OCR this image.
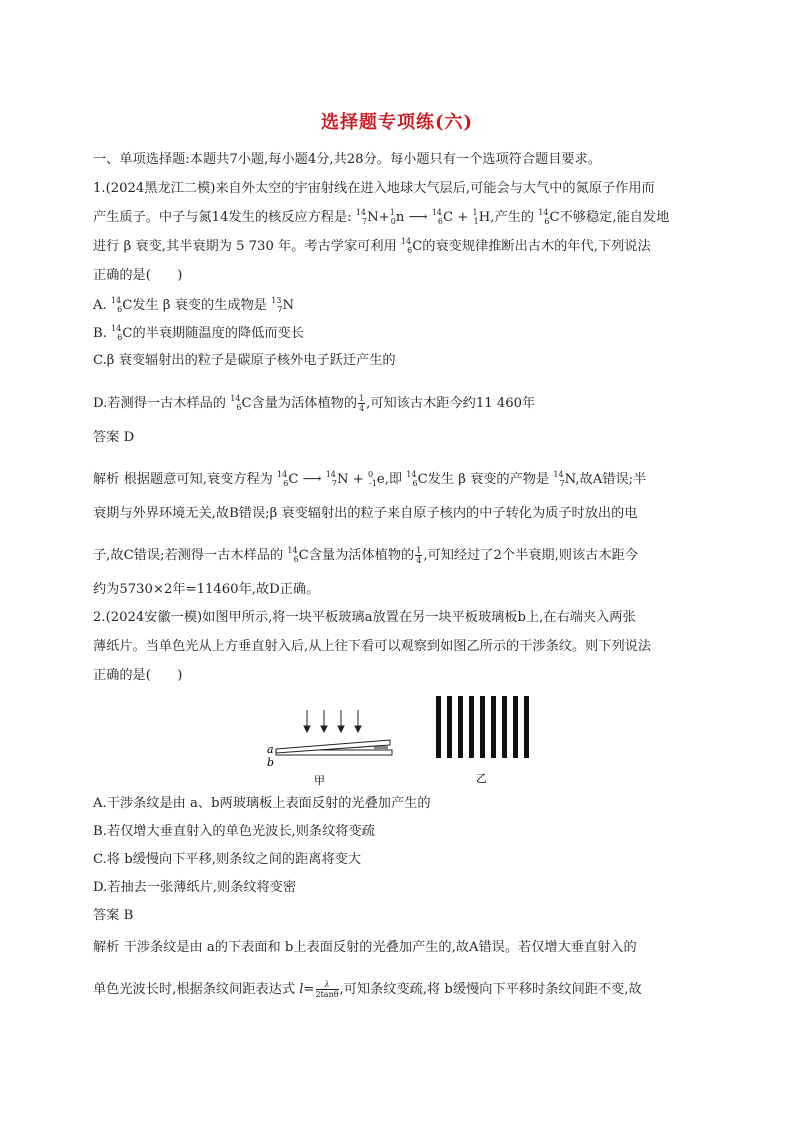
选择题专项练(六)
一、单项选择题:本题共7小题,每小题4分,共28分。每小题只有一个选项符合题目要求。
1.(2024黑龙江二模)来自外太空的宇宙射线在进入地球大气层后,可能会与大气中的氮原子作用而
产生质子。中子与氮14发生的核反应方程是: $^{14}_7$N+$^1_0$n ⟶ $^{14}_6$C + $^1_1$H,产生的 $^{14}_6$C不够稳定,能自发地
进行 β 衰变,其半衰期为 5 730 年。考古学家可利用 $^{14}_6$C的衰变规律推断出古木的年代,下列说法
正确的是(　　)
A. $^{14}_6$C发生 β 衰变的生成物是 $^{13}_7$N
B. $^{14}_6$C的半衰期随温度的降低而变长
C.β 衰变辐射出的粒子是碳原子核外电子跃迁产生的
D.若测得一古木样品的 $^{14}_6$C含量为活体植物的 $\frac{1}{4}$ ,可知该古木距今约11 460年
答案 D
解析 根据题意可知,衰变方程为 $^{14}_6$C ⟶ $^{14}_7$N + $^0_{-1}$e,即 $^{14}_6$C发生 β 衰变的产物是 $^{14}_7$N,故A错误;半
衰期与外界环境无关,故B错误;β 衰变辐射出的粒子来自原子核内的中子转化为质子时放出的电
子,故C错误;若测得一古木样品的 $^{14}_6$C含量为活体植物的 $\frac{1}{4}$ ,可知经过了2个半衰期,则该古木距今
约为5730×2年=11460年,故D正确。
2.(2024安徽一模)如图甲所示,将一块平板玻璃a放置在另一块平板玻璃板b上,在右端夹入两张
薄纸片。当单色光从上方垂直射入后,从上往下看可以观察到如图乙所示的干涉条纹。则下列说法
正确的是(　　)
a
b
甲	乙
A.干涉条纹是由 a、b两玻璃板上表面反射的光叠加产生的
B.若仅增大垂直射入的单色光波长,则条纹将变疏
C.将 b缓慢向下平移,则条纹之间的距离将变大
D.若抽去一张薄纸片,则条纹将变密
答案 B
解析 干涉条纹是由 a的下表面和 b上表面反射的光叠加产生的,故A错误。若仅增大垂直射入的
单色光波长时,根据条纹间距表达式 $l= \frac{\lambda}{2\tan\theta}$ ,可知条纹变疏,将 b缓慢向下平移时条纹间距不变,故
